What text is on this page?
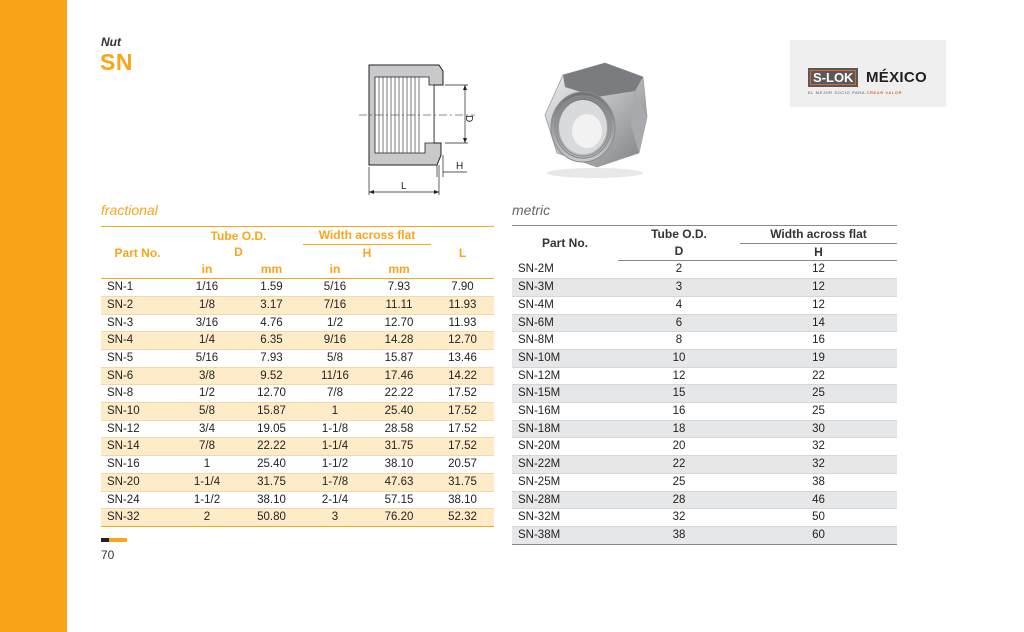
Nut
SN
D
H
L
S-LOK MÉXICO
EL MEJOR SOCIO PARA CREAR VALOR
fractional	metric
Part No.	Tube O.D.		Width across flat		L
	D		H		
	in	mm	in	mm	
SN-1	1/16	1.59	5/16	7.93	7.90
SN-2	1/8	3.17	7/16	11.11	11.93
SN-3	3/16	4.76	1/2	12.70	11.93
SN-4	1/4	6.35	9/16	14.28	12.70
SN-5	5/16	7.93	5/8	15.87	13.46
SN-6	3/8	9.52	11/16	17.46	14.22
SN-8	1/2	12.70	7/8	22.22	17.52
SN-10	5/8	15.87	1	25.40	17.52
SN-12	3/4	19.05	1-1/8	28.58	17.52
SN-14	7/8	22.22	1-1/4	31.75	17.52
SN-16	1	25.40	1-1/2	38.10	20.57
SN-20	1-1/4	31.75	1-7/8	47.63	31.75
SN-24	1-1/2	38.10	2-1/4	57.15	38.10
SN-32	2	50.80	3	76.20	52.32
Part No.	Tube O.D.	Width across flat
	D	H
SN-2M	2	12
SN-3M	3	12
SN-4M	4	12
SN-6M	6	14
SN-8M	8	16
SN-10M	10	19
SN-12M	12	22
SN-15M	15	25
SN-16M	16	25
SN-18M	18	30
SN-20M	20	32
SN-22M	22	32
SN-25M	25	38
SN-28M	28	46
SN-32M	32	50
SN-38M	38	60
70
